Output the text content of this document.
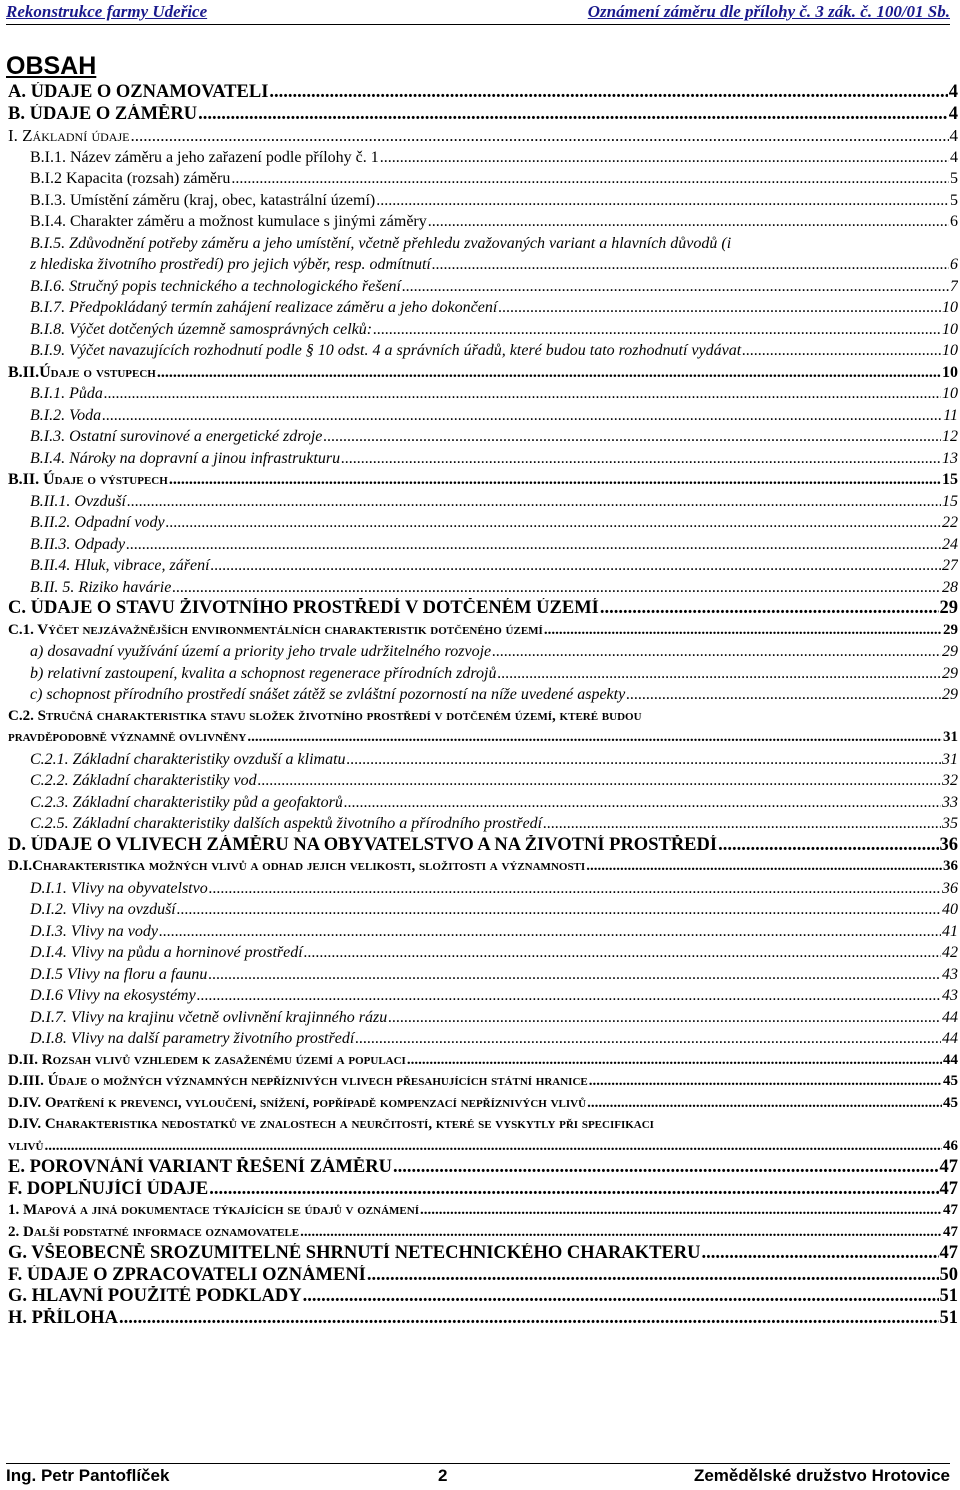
Rekonstrukce farmy Udeřice	Oznámení záměru dle přílohy č. 3 zák. č. 100/01 Sb.
OBSAH
A. ÚDAJE O OZNAMOVATELI .....	4
B. ÚDAJE O ZÁMĚRU .....	4
I. Základní údaje .....	4
B.I.1. Název záměru a jeho zařazení podle přílohy č. 1 .....	4
B.I.2 Kapacita (rozsah) záměru .....	5
B.I.3. Umístění záměru (kraj, obec, katastrální území) .....	5
B.I.4. Charakter záměru a možnost kumulace s jinými záměry .....	6
B.I.5. Zdůvodnění potřeby záměru a jeho umístění, včetně přehledu zvažovaných variant a hlavních důvodů (i
z hlediska životního prostředí) pro jejich výběr, resp. odmítnutí .....	6
B.I.6. Stručný popis technického a technologického řešení .....	7
B.I.7. Předpokládaný termín zahájení realizace záměru a jeho dokončení .....	10
B.I.8. Výčet dotčených územně samosprávných celků: .....	10
B.I.9. Výčet navazujících rozhodnutí podle § 10 odst. 4 a správních úřadů, které budou tato rozhodnutí vydávat .....	10
B.II.Údaje o vstupech .....	10
B.I.1. Půda .....	10
B.I.2. Voda .....	11
B.I.3. Ostatní surovinové a energetické zdroje .....	12
B.I.4. Nároky na dopravní a jinou infrastrukturu .....	13
B.II. Údaje o výstupech .....	15
B.II.1. Ovzduší .....	15
B.II.2. Odpadní vody .....	22
B.II.3. Odpady .....	24
B.II.4. Hluk, vibrace, záření .....	27
B.II. 5. Riziko havárie .....	28
C. ÚDAJE O STAVU ŽIVOTNÍHO PROSTŘEDÍ V DOTČENÉM ÚZEMÍ .....	29
C.1. Výčet nejzávažnějších environmentálních charakteristik dotčeného území .....	29
a) dosavadní využívání území a priority jeho trvale udržitelného rozvoje .....	29
b) relativní zastoupení, kvalita a schopnost regenerace přírodních zdrojů .....	29
c) schopnost přírodního prostředí snášet zátěž se zvláštní pozorností na níže uvedené aspekty .....	29
C.2. Stručná charakteristika stavu složek životního prostředí v dotčeném území, které budou
pravděpodobně významně ovlivněny .....	31
C.2.1. Základní charakteristiky ovzduší a klimatu .....	31
C.2.2. Základní charakteristiky vod .....	32
C.2.3. Základní charakteristiky půd a geofaktorů .....	33
C.2.5. Základní charakteristiky dalších aspektů životního a přírodního prostředí .....	35
D. ÚDAJE O VLIVECH ZÁMĚRU NA OBYVATELSTVO A NA ŽIVOTNÍ PROSTŘEDÍ .....	36
D.I.Charakteristika možných vlivů a odhad jejich velikosti, složitosti a významnosti .....	36
D.I.1. Vlivy na obyvatelstvo .....	36
D.I.2. Vlivy na ovzduší .....	40
D.I.3. Vlivy na vody .....	41
D.I.4. Vlivy na půdu a horninové prostředí .....	42
D.I.5 Vlivy na floru a faunu .....	43
D.I.6 Vlivy na ekosystémy .....	43
D.I.7. Vlivy na krajinu včetně ovlivnění krajinného rázu .....	44
D.I.8. Vlivy na další parametry životního prostředí .....	44
D.II. Rozsah vlivů vzhledem k zasaženému území a populaci .....	44
D.III. Údaje o možných významných nepříznivých vlivech přesahujících státní hranice .....	45
D.IV. Opatření k prevenci, vyloučení, snížení, popřípadě kompenzací nepříznivých vlivů .....	45
D.IV. Charakteristika nedostatků ve znalostech a neurčitostí, které se vyskytly při specifikaci
vlivů .....	46
E. POROVNÁNÍ VARIANT ŘEŠENÍ ZÁMĚRU .....	47
F. DOPLŇUJÍCÍ ÚDAJE .....	47
1. Mapová a jiná dokumentace týkajících se údajů v oznámení .....	47
2. Další podstatné informace oznamovatele .....	47
G. VŠEOBECNĚ SROZUMITELNÉ SHRNUTÍ NETECHNICKÉHO CHARAKTERU .....	47
F. ÚDAJE O ZPRACOVATELI OZNÁMENÍ .....	50
G. HLAVNÍ POUŽITÉ PODKLADY .....	51
H. PŘÍLOHA .....	51
Ing. Petr Pantoflíček	2	Zemědělské družstvo Hrotovice
